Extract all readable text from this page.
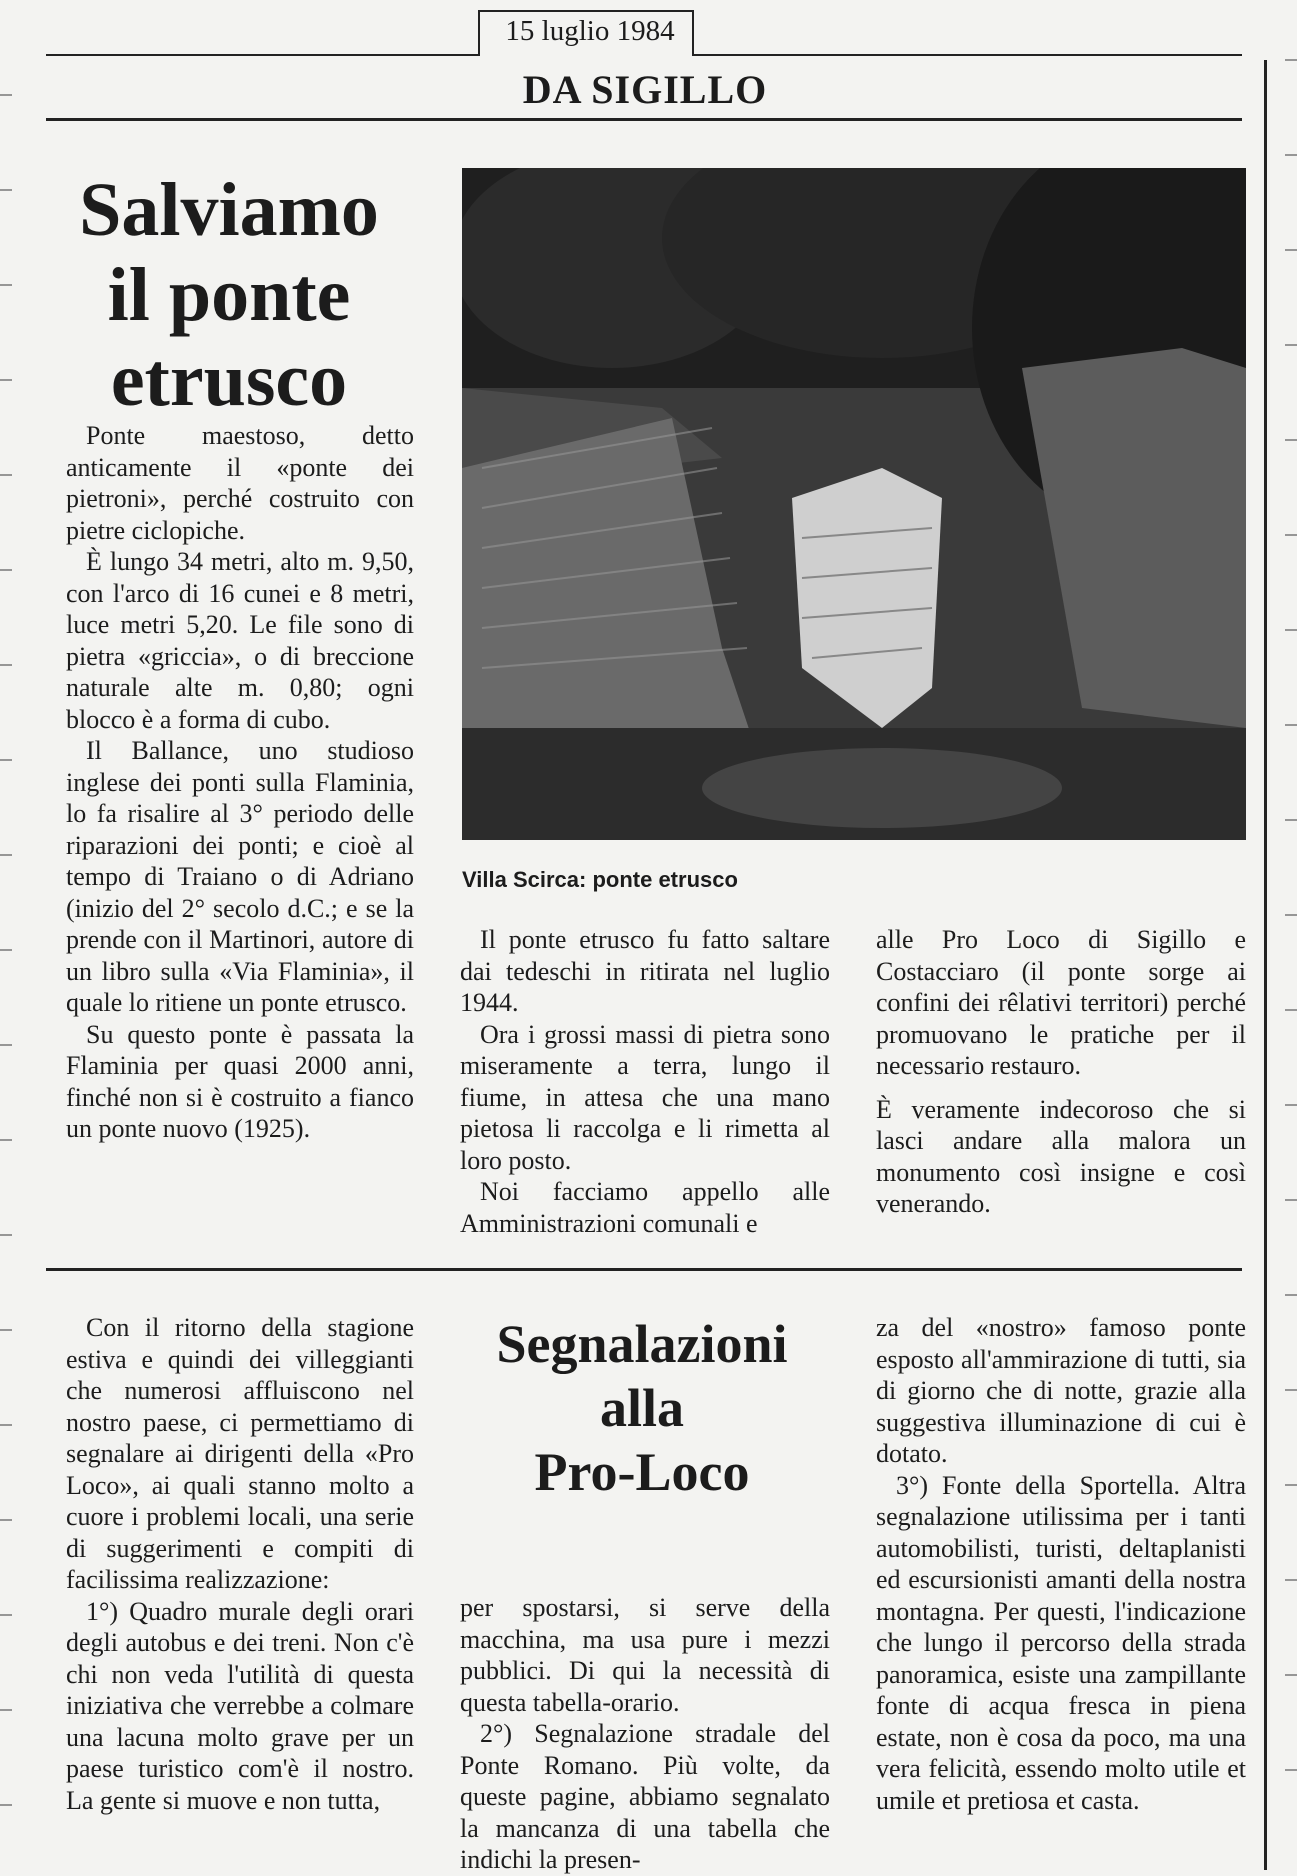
15 luglio 1984
DA SIGILLO
Salviamo
il ponte
etrusco

Ponte maestoso, detto anticamente il «ponte dei pietroni», perché costruito con pietre ciclopiche.

È lungo 34 metri, alto m. 9,50, con l'arco di 16 cunei e 8 metri, luce metri 5,20. Le file sono di pietra «griccia», o di breccione naturale alte m. 0,80; ogni blocco è a forma di cubo.

Il Ballance, uno studioso inglese dei ponti sulla Flaminia, lo fa risalire al 3° periodo delle riparazioni dei ponti; e cioè al tempo di Traiano o di Adriano (inizio del 2° secolo d.C.; e se la prende con il Martinori, autore di un libro sulla «Via Flaminia», il quale lo ritiene un ponte etrusco.

Su questo ponte è passata la Flaminia per quasi 2000 anni, finché non si è costruito a fianco un ponte nuovo (1925).

Villa Scirca: ponte etrusco

Il ponte etrusco fu fatto saltare dai tedeschi in ritirata nel luglio 1944.

Ora i grossi massi di pietra sono miseramente a terra, lungo il fiume, in attesa che una mano pietosa li raccolga e li rimetta al loro posto.

Noi facciamo appello alle Amministrazioni comunali e

alle Pro Loco di Sigillo e Costacciaro (il ponte sorge ai confini dei rêlativi territori) perché promuovano le pratiche per il necessario restauro.

È veramente indecoroso che si lasci andare alla malora un monumento così insigne e così venerando.

Con il ritorno della stagione estiva e quindi dei villeggianti che numerosi affluiscono nel nostro paese, ci permettiamo di segnalare ai dirigenti della «Pro Loco», ai quali stanno molto a cuore i problemi locali, una serie di suggerimenti e compiti di facilissima realizzazione:

1°) Quadro murale degli orari degli autobus e dei treni. Non c'è chi non veda l'utilità di questa iniziativa che verrebbe a colmare una lacuna molto grave per un paese turistico com'è il nostro. La gente si muove e non tutta,

Segnalazioni
alla
Pro-Loco

per spostarsi, si serve della macchina, ma usa pure i mezzi pubblici. Di qui la necessità di questa tabella-orario.

2°) Segnalazione stradale del Ponte Romano. Più volte, da queste pagine, abbiamo segnalato la mancanza di una tabella che indichi la presen-

za del «nostro» famoso ponte esposto all'ammirazione di tutti, sia di giorno che di notte, grazie alla suggestiva illuminazione di cui è dotato.

3°) Fonte della Sportella. Altra segnalazione utilissima per i tanti automobilisti, turisti, deltaplanisti ed escursionisti amanti della nostra montagna. Per questi, l'indicazione che lungo il percorso della strada panoramica, esiste una zampillante fonte di acqua fresca in piena estate, non è cosa da poco, ma una vera felicità, essendo molto utile et umile et pretiosa et casta.
